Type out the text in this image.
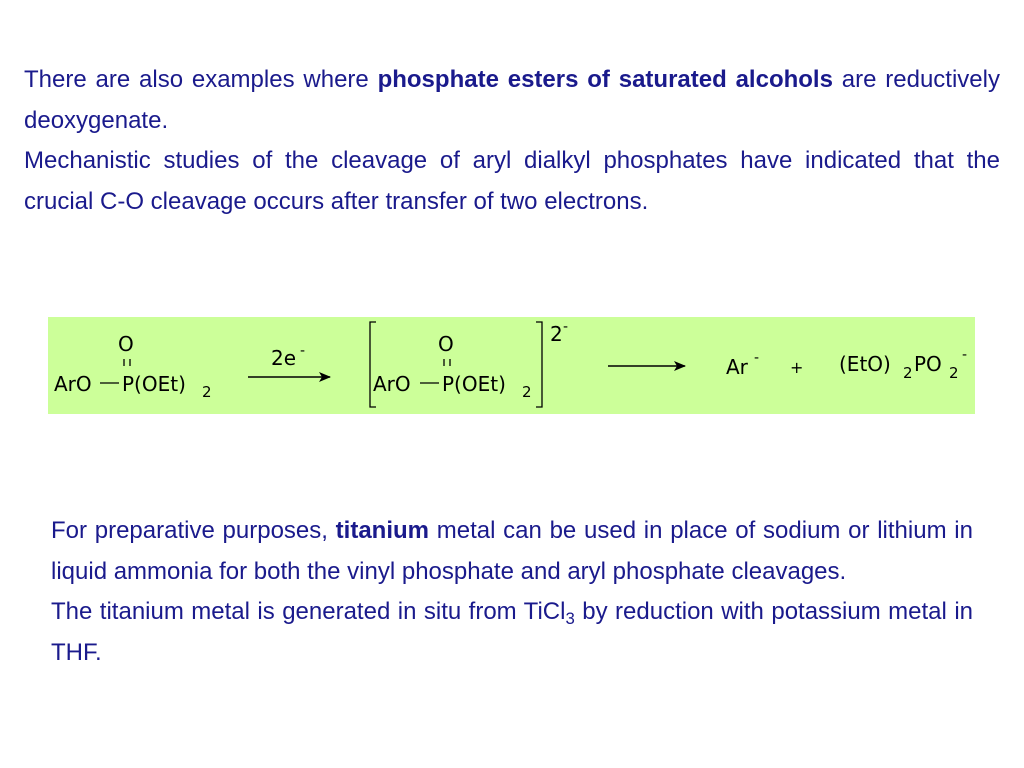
There are also examples where phosphate esters of saturated alcohols are reductively deoxygenate.

Mechanistic studies of the cleavage of aryl dialkyl phosphates have indicated that the crucial C-O cleavage occurs after transfer of two electrons.

O
ArO P(OEt) 2
2e -	O
ArO P(OEt) 2
2 -
Ar - + (EtO) 2 PO 2
-

For preparative purposes, titanium metal can be used in place of sodium or lithium in liquid ammonia for both the vinyl phosphate and aryl phosphate cleavages.

The titanium metal is generated in situ from TiCl$_3$ by reduction with potassium metal in THF.
